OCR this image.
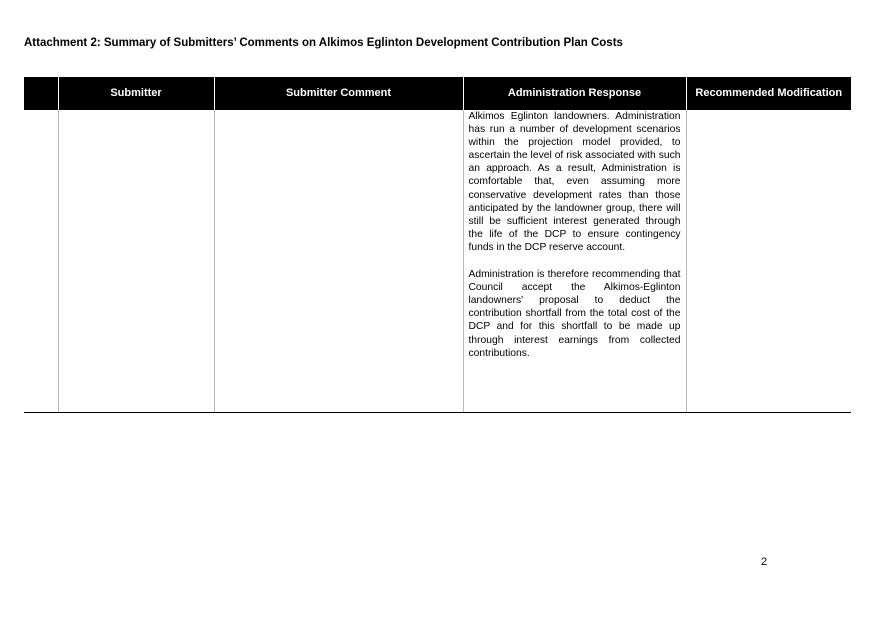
Attachment 2: Summary of Submitters’ Comments on Alkimos Eglinton Development Contribution Plan Costs
	Submitter	Submitter Comment	Administration Response	Recommended Modification

			Alkimos Eglinton landowners. Administration has run a number of development scenarios within the projection model provided, to ascertain the level of risk associated with such an approach. As a result, Administration is comfortable that, even assuming more conservative development rates than those anticipated by the landowner group, there will still be sufficient interest generated through the life of the DCP to ensure contingency funds in the DCP reserve account.

Administration is therefore recommending that Council accept the Alkimos-Eglinton landowners' proposal to deduct the contribution shortfall from the total cost of the DCP and for this shortfall to be made up through interest earnings from collected contributions.	

2
